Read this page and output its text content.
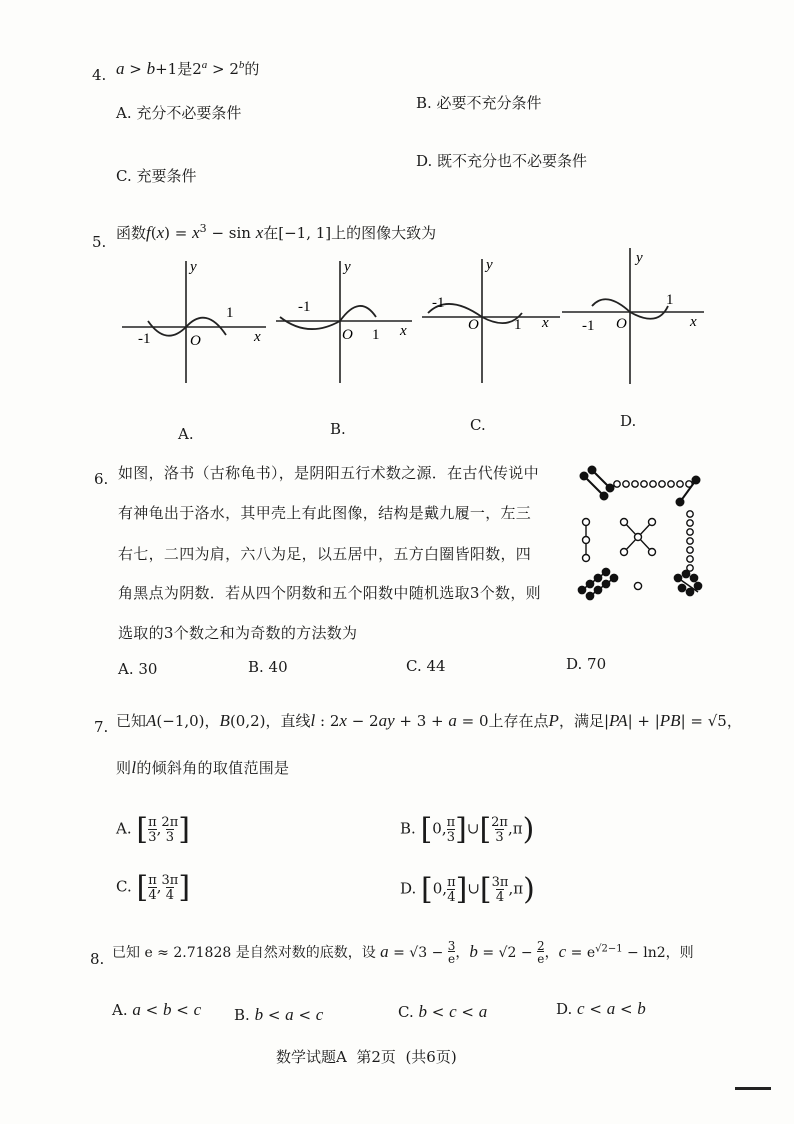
4. a > b+1是$2^a > 2^b$的
A. 充分不必要条件
B. 必要不充分条件
C. 充要条件
D. 既不充分也不必要条件
5. 函数$f(x) = x^3 - \sin x$在[−1, 1]上的图像大致为
y
x
O
1
-1
y
x
O 1
-1
y
x
O 1
-1
y
x
O
1
-1
A.	B.	C.	D.
6. 如图，洛书（古称龟书），是阴阳五行术数之源．在古代传说中
有神龟出于洛水，其甲壳上有此图像，结构是戴九履一，左三
右七，二四为肩，六八为足，以五居中，五方白圈皆阳数，四
角黑点为阴数．若从四个阴数和五个阳数中随机选取3个数，则
选取的3个数之和为奇数的方法数为
A. 30	B. 40	C. 44	D. 70
7. 已知A(−1,0)，B(0,2)，直线l : 2x − 2ay + 3 + a = 0上存在点P，满足|PA| + |PB| = √5，
则l的倾斜角的取值范围是
A. [π
3,2π
3 ]	B. [0,π
3]∪[2π
3 ,π)
C. [π
4,3π
4 ]	D. [0,π
4]∪[3π
4 ,π)
8. 已知 e ≈ 2.71828 是自然对数的底数，设 a = √3 − 3
e，b = √2 − 2
e，$c = e^{√2-1} - \ln 2$，则
A. a < b < c B. b < a < c	C. b < c < a	D. c < a < b
数学试题A  第2页  (共6页)
